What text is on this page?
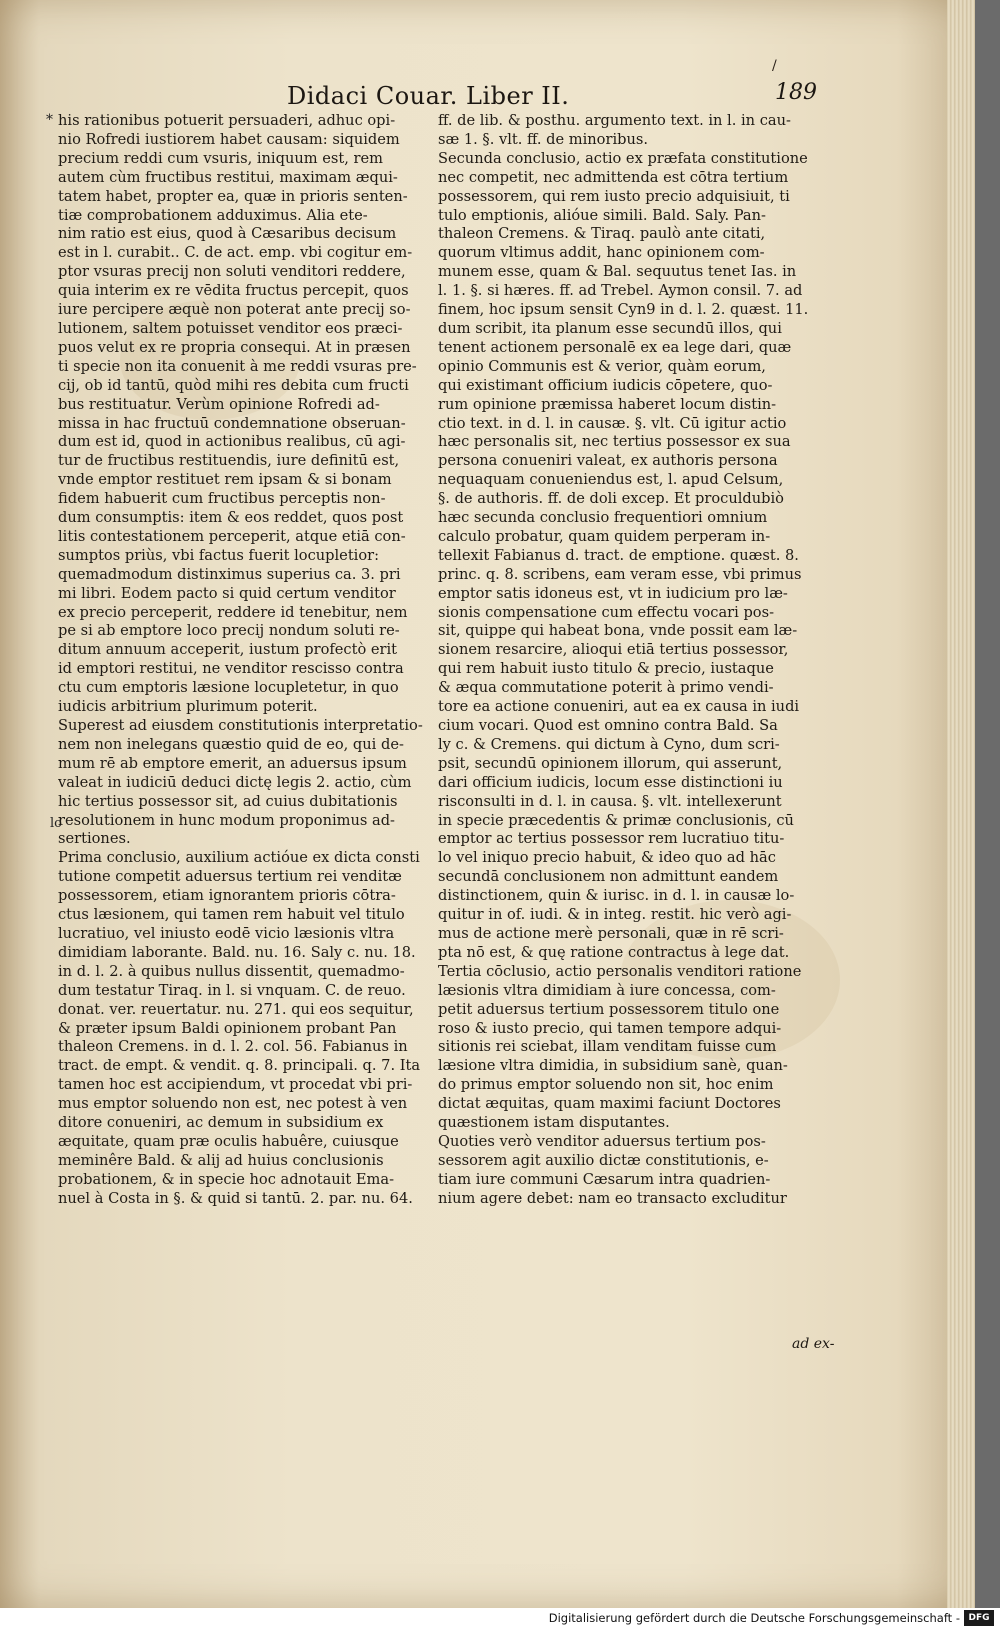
/
Didaci Couar. Liber II.	189
*
lo
his rationibus potuerit persuaderi, adhuc opi-
nio Rofredi iustiorem habet causam: siquidem
precium reddi cum vsuris, iniquum est, rem
autem cùm fructibus restitui, maximam æqui-
tatem habet, propter ea, quæ in prioris senten-
tiæ comprobationem adduximus. Alia ete-
nim ratio est eius, quod à Cæsaribus decisum
est in l. curabit.. C. de act. emp. vbi cogitur em-
ptor vsuras precij non soluti venditori reddere,
quia interim ex re vēdita fructus percepit, quos
iure percipere æquè non poterat ante precij so-
lutionem, saltem potuisset venditor eos præci-
puos velut ex re propria consequi. At in præsen
ti specie non ita conuenit à me reddi vsuras pre-
cij, ob id tantū, quòd mihi res debita cum fructi
bus restituatur. Verùm opinione Rofredi ad-
missa in hac fructuū condemnatione obseruan-
dum est id, quod in actionibus realibus, cū agi-
tur de fructibus restituendis, iure definitū est,
vnde emptor restituet rem ipsam & si bonam
fidem habuerit cum fructibus perceptis non-
dum consumptis: item & eos reddet, quos post
litis contestationem perceperit, atque etiā con-
sumptos priùs, vbi factus fuerit locupletior:
quemadmodum distinximus superius ca. 3. pri
mi libri. Eodem pacto si quid certum venditor
ex precio perceperit, reddere id tenebitur, nem
pe si ab emptore loco precij nondum soluti re-
ditum annuum acceperit, iustum profectò erit
id emptori restitui, ne venditor rescisso contra
ctu cum emptoris læsione locupletetur, in quo
iudicis arbitrium plurimum poterit.
Superest ad eiusdem constitutionis interpretatio-
nem non inelegans quæstio quid de eo, qui de-
mum rē ab emptore emerit, an aduersus ipsum
valeat in iudiciū deduci dictę legis 2. actio, cùm
hic tertius possessor sit, ad cuius dubitationis
resolutionem in hunc modum proponimus ad-
sertiones.
Prima conclusio, auxilium actióue ex dicta consti
tutione competit aduersus tertium rei venditæ
possessorem, etiam ignorantem prioris cōtra-
ctus læsionem, qui tamen rem habuit vel titulo
lucratiuo, vel iniusto eodē vicio læsionis vltra
dimidiam laborante. Bald. nu. 16. Saly c. nu. 18.
in d. l. 2. à quibus nullus dissentit, quemadmo-
dum testatur Tiraq. in l. si vnquam. C. de reuo.
donat. ver. reuertatur. nu. 271. qui eos sequitur,
& præter ipsum Baldi opinionem probant Pan
thaleon Cremens. in d. l. 2. col. 56. Fabianus in
tract. de empt. & vendit. q. 8. principali. q. 7. Ita
tamen hoc est accipiendum, vt procedat vbi pri-
mus emptor soluendo non est, nec potest à ven
ditore conueniri, ac demum in subsidium ex
æquitate, quam præ oculis habuêre, cuiusque
meminêre Bald. & alij ad huius conclusionis
probationem, & in specie hoc adnotauit Ema-
nuel à Costa in §. & quid si tantū. 2. par. nu. 64.
ff. de lib. & posthu. argumento text. in l. in cau-
sæ 1. §. vlt. ff. de minoribus.
Secunda conclusio, actio ex præfata constitutione
nec competit, nec admittenda est cōtra tertium
possessorem, qui rem iusto precio adquisiuit, ti
tulo emptionis, alióue simili. Bald. Saly. Pan-
thaleon Cremens. & Tiraq. paulò ante citati,
quorum vltimus addit, hanc opinionem com-
munem esse, quam & Bal. sequutus tenet Ias. in
l. 1. §. si hæres. ff. ad Trebel. Aymon consil. 7. ad
finem, hoc ipsum sensit Cyn9 in d. l. 2. quæst. 11.
dum scribit, ita planum esse secundū illos, qui
tenent actionem personalē ex ea lege dari, quæ
opinio Communis est & verior, quàm eorum,
qui existimant officium iudicis cōpetere, quo-
rum opinione præmissa haberet locum distin-
ctio text. in d. l. in causæ. §. vlt. Cū igitur actio
hæc personalis sit, nec tertius possessor ex sua
persona conueniri valeat, ex authoris persona
nequaquam conueniendus est, l. apud Celsum,
§. de authoris. ff. de doli excep. Et proculdubiò
hæc secunda conclusio frequentiori omnium
calculo probatur, quam quidem perperam in-
tellexit Fabianus d. tract. de emptione. quæst. 8.
princ. q. 8. scribens, eam veram esse, vbi primus
emptor satis idoneus est, vt in iudicium pro læ-
sionis compensatione cum effectu vocari pos-
sit, quippe qui habeat bona, vnde possit eam læ-
sionem resarcire, alioqui etiā tertius possessor,
qui rem habuit iusto titulo & precio, iustaque
& æqua commutatione poterit à primo vendi-
tore ea actione conueniri, aut ea ex causa in iudi
cium vocari. Quod est omnino contra Bald. Sa
ly c. & Cremens. qui dictum à Cyno, dum scri-
psit, secundū opinionem illorum, qui asserunt,
dari officium iudicis, locum esse distinctioni iu
risconsulti in d. l. in causa. §. vlt. intellexerunt
in specie præcedentis & primæ conclusionis, cū
emptor ac tertius possessor rem lucratiuo titu-
lo vel iniquo precio habuit, & ideo quo ad hāc
secundā conclusionem non admittunt eandem
distinctionem, quin & iurisc. in d. l. in causæ lo-
quitur in of. iudi. & in integ. restit. hic verò agi-
mus de actione merè personali, quæ in rē scri-
pta nō est, & quę ratione contractus à lege dat.
Tertia cōclusio, actio personalis venditori ratione
læsionis vltra dimidiam à iure concessa, com-
petit aduersus tertium possessorem titulo one
roso & iusto precio, qui tamen tempore adqui-
sitionis rei sciebat, illam venditam fuisse cum
læsione vltra dimidia, in subsidium sanè, quan-
do primus emptor soluendo non sit, hoc enim
dictat æquitas, quam maximi faciunt Doctores
quæstionem istam disputantes.
Quoties verò venditor aduersus tertium pos-
sessorem agit auxilio dictæ constitutionis, e-
tiam iure communi Cæsarum intra quadrien-
nium agere debet: nam eo transacto excluditur
ad ex-
Digitalisierung gefördert durch die Deutsche Forschungsgemeinschaft - DFG
